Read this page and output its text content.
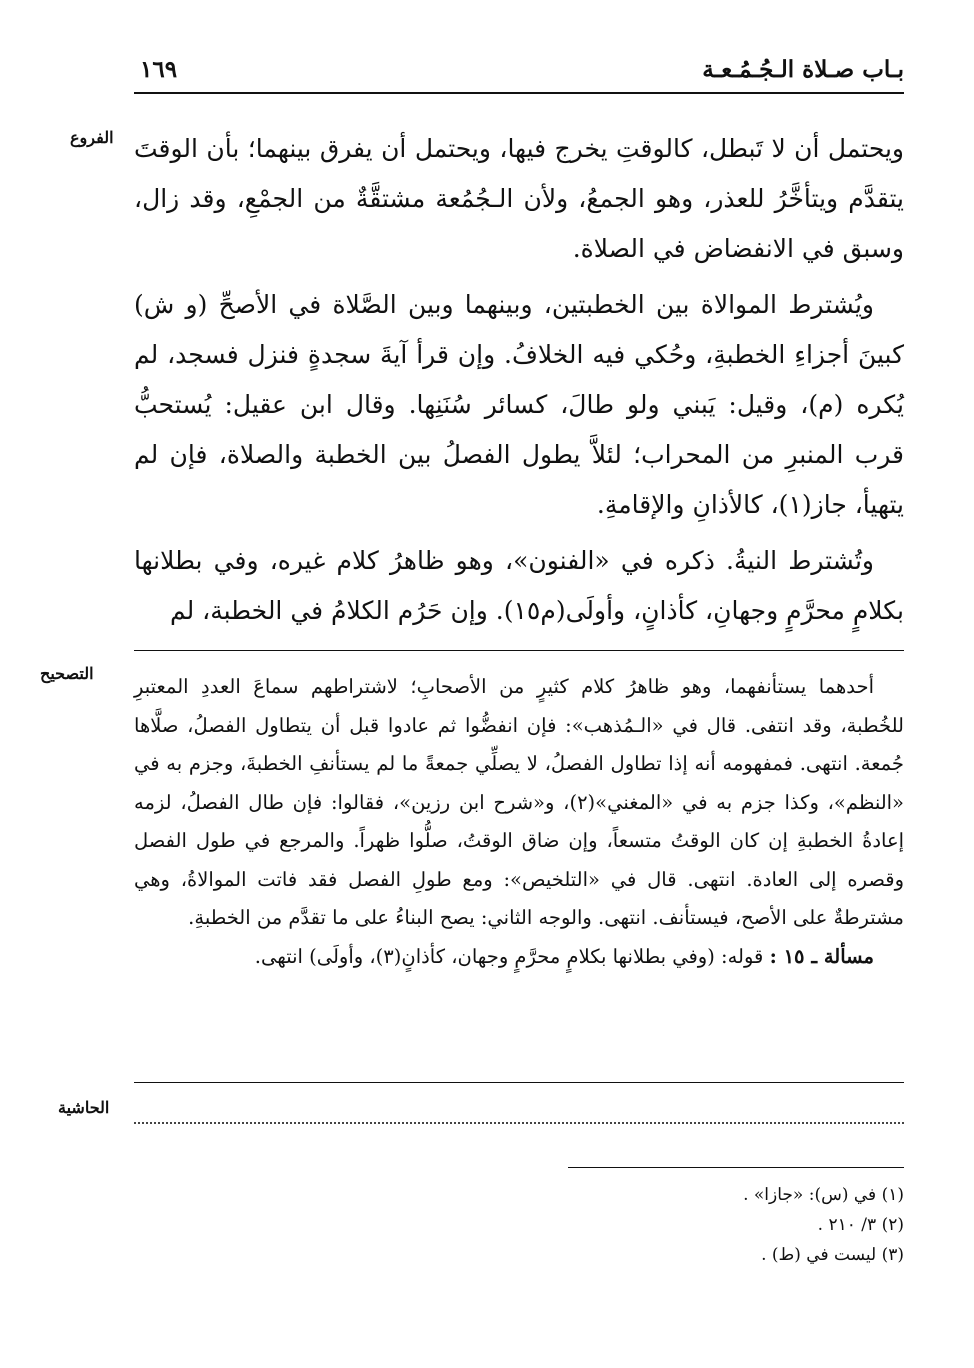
بـاب صـلاة الـجُـمُـعـة
١٦٩
الفروع
التصحيح
الحاشية

ويحتمل أن لا تَبطل، كالوقتِ يخرج فيها، ويحتمل أن يفرق بينهما؛ بأن الوقتَ يتقدَّم ويتأخَّرُ للعذر، وهو الجمعُ، ولأن الـجُمُعة مشتقَّةٌ من الجمْعِ، وقد زال، وسبق في الانفضاض في الصلاة.

ويُشترط الموالاة بين الخطبتين، وبينهما وبين الصَّلاة في الأصحِّ (و ش) كبينَ أجزاءِ الخطبةِ، وحُكي فيه الخلافُ. وإن قرأ آيةَ سجدةٍ فنزل فسجد، لم يُكره (م)، وقيل: يَبني ولو طالَ، كسائر سُنَنِها. وقال ابن عقيل: يُستحبُّ قرب المنبرِ من المحراب؛ لئلاَّ يطول الفصلُ بين الخطبة والصلاة، فإن لم يتهيأ، جاز(١)، كالأذانِ والإقامةِ.

وتُشترط النيةُ. ذكره في «الفنون»، وهو ظاهرُ كلام غيره، وفي بطلانها بكلامٍ محرَّمٍ وجهانِ، كأذانٍ، وأولَى(م١٥). وإن حَرُم الكلامُ في الخطبة، لم

أحدهما يستأنفهما، وهو ظاهرُ كلام كثيرٍ من الأصحابِ؛ لاشتراطهم سماعَ العددِ المعتبرِ للخُطبة، وقد انتفى. قال في «الـمُذهب»: فإن انفضُّوا ثم عادوا قبل أن يتطاول الفصلُ، صلَّاها جُمعة. انتهى. فمفهومه أنه إذا تطاول الفصلُ، لا يصلِّي جمعةً ما لم يستأنفِ الخطبةَ، وجزم به في «النظم»، وكذا جزم به في «المغني»(٢)، و«شرح ابن رزين»، فقالوا: فإن طال الفصلُ، لزمه إعادةُ الخطبةِ إن كان الوقتُ متسعاً، وإن ضاق الوقتُ، صلُّوا ظهراً. والمرجع في طول الفصل وقصره إلى العادة. انتهى. قال في «التلخيص»: ومع طولِ الفصل فقد فاتت الموالاةُ، وهي مشترطةٌ على الأصح، فيستأنف. انتهى. والوجه الثاني: يصح البناءُ على ما تقدَّم من الخطبةِ.

مسألة ـ ١٥ : قوله: (وفي بطلانها بكلامٍ محرَّمٍ وجهان، كأذانٍ(٣)، وأولَى) انتهى.

(١) في (س): «جازا» .
(٢) ٣/ ٢١٠ .
(٣) ليست في (ط) .
